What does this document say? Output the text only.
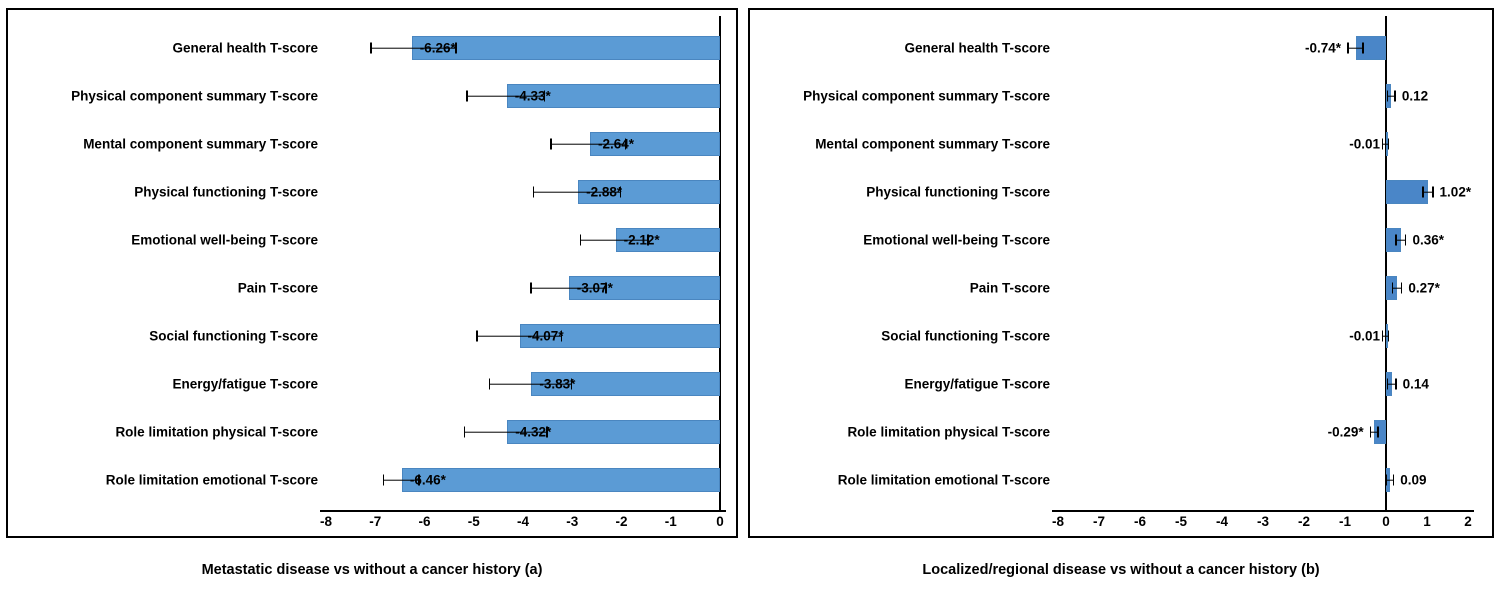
General health T-score	-6.26*
Physical component summary T-score	-4.33*
Mental component summary T-score	-2.64*
Physical functioning T-score	-2.88*
Emotional well-being T-score	-2.12*
Pain T-score	-3.07*
Social functioning T-score	-4.07*
Energy/fatigue T-score	-3.83*
Role limitation physical T-score	-4.32*
Role limitation emotional T-score	-6.46*
-8	-7	-6	-5	-4	-3	-2	-1	0
General health T-score	-0.74*
Physical component summary T-score	0.12
Mental component summary T-score	-0.01
Physical functioning T-score	1.02*
Emotional well-being T-score	0.36*
Pain T-score	0.27*
Social functioning T-score	-0.01
Energy/fatigue T-score	0.14
Role limitation physical T-score	-0.29*
Role limitation emotional T-score	0.09
-8 -7 -6 -5 -4 -3 -2 -1 0 1 2
Metastatic disease vs without a cancer history (a)	Localized/regional disease vs without a cancer history (b)
